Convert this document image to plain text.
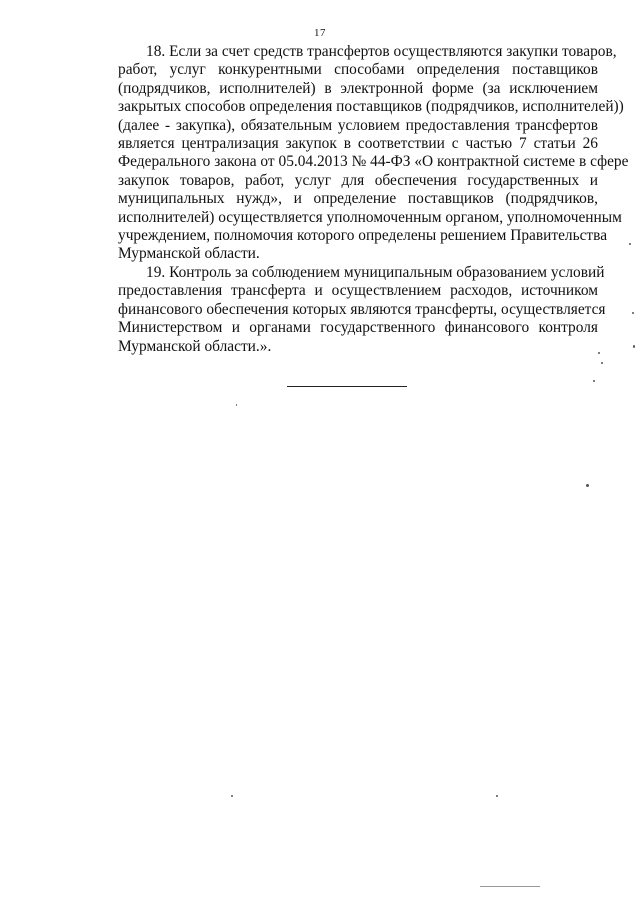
17
18. Если за счет средств трансфертов осуществляются закупки товаров,
работ, услуг конкурентными способами определения поставщиков
(подрядчиков, исполнителей) в электронной форме (за исключением
закрытых способов определения поставщиков (подрядчиков, исполнителей))
(далее - закупка), обязательным условием предоставления трансфертов
является централизация закупок в соответствии с частью 7 статьи 26
Федерального закона от 05.04.2013 № 44-ФЗ «О контрактной системе в сфере
закупок товаров, работ, услуг для обеспечения государственных и
муниципальных нужд», и определение поставщиков (подрядчиков,
исполнителей) осуществляется уполномоченным органом, уполномоченным
учреждением, полномочия которого определены решением Правительства
Мурманской области.
19. Контроль за соблюдением муниципальным образованием условий
предоставления трансферта и осуществлением расходов, источником
финансового обеспечения которых являются трансферты, осуществляется
Министерством и органами государственного финансового контроля
Мурманской области.».
